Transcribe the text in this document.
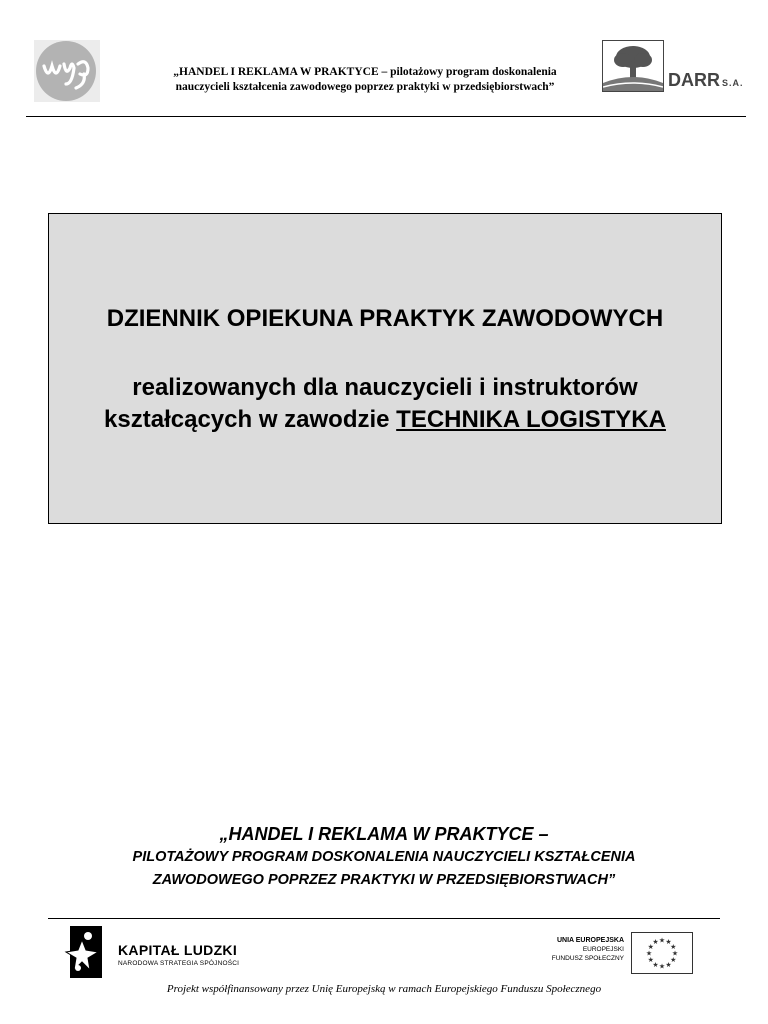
„HANDEL I REKLAMA W PRAKTYCE – pilotażowy program doskonalenia
nauczycieli kształcenia zawodowego poprzez praktyki w przedsiębiorstwach”	DARR S.A.
DZIENNIK OPIEKUNA PRAKTYK ZAWODOWYCH
realizowanych dla nauczycieli i instruktorów
kształcących w zawodzie TECHNIKA LOGISTYKA
„HANDEL I REKLAMA W PRAKTYCE –
PILOTAŻOWY PROGRAM DOSKONALENIA NAUCZYCIELI KSZTAŁCENIA
ZAWODOWEGO POPRZEZ PRAKTYKI W PRZEDSIĘBIORSTWACH”
KAPITAŁ LUDZKI
NARODOWA STRATEGIA SPÓJNOŚCI
UNIA EUROPEJSKA
EUROPEJSKI
FUNDUSZ SPOŁECZNY
★
★
★
★
★
★
★
★
★ ★ ★
★
Projekt współfinansowany przez Unię Europejską w ramach Europejskiego Funduszu Społecznego
